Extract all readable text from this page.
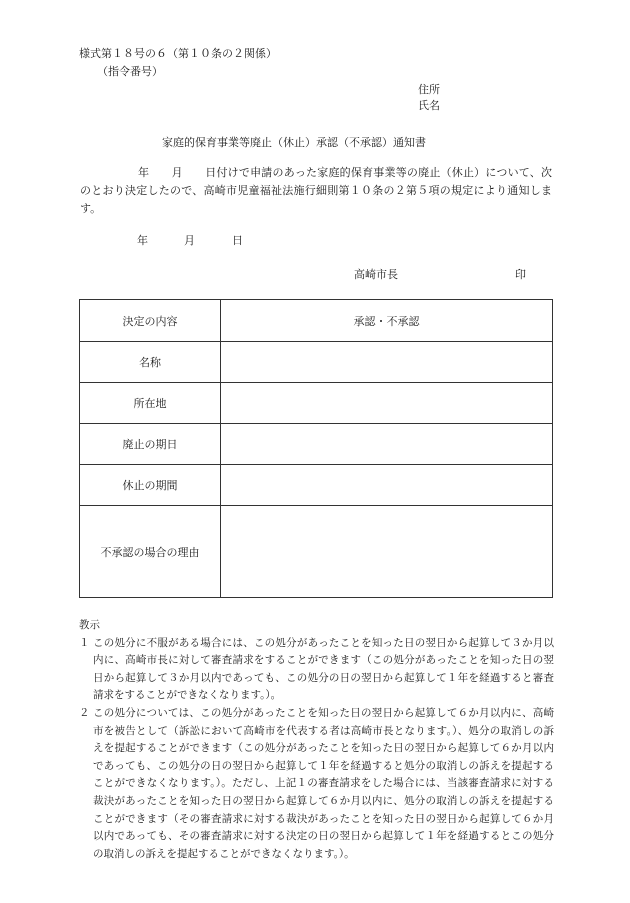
様式第１８号の６（第１０条の２関係）
（指令番号）
住所
氏名
家庭的保育事業等廃止（休止）承認（不承認）通知書
年　　月　　日付けで申請のあった家庭的保育事業等の廃止（休止）について、次のとおり決定したので、高崎市児童福祉法施行細則第１０条の２第５項の規定により通知します。
年	月	日
高崎市長	印
決定の内容	承認・不承認
名称	
所在地	
廃止の期日	
休止の期間	
不承認の場合の理由	
教示
１ この処分に不服がある場合には、この処分があったことを知った日の翌日から起算して３か月以内に、高崎市長に対して審査請求をすることができます（この処分があったことを知った日の翌日から起算して３か月以内であっても、この処分の日の翌日から起算して１年を経過すると審査請求をすることができなくなります。）。
２ この処分については、この処分があったことを知った日の翌日から起算して６か月以内に、高崎市を被告として（訴訟において高崎市を代表する者は高崎市長となります。）、処分の取消しの訴えを提起することができます（この処分があったことを知った日の翌日から起算して６か月以内であっても、この処分の日の翌日から起算して１年を経過すると処分の取消しの訴えを提起することができなくなります。）。ただし、上記１の審査請求をした場合には、当該審査請求に対する裁決があったことを知った日の翌日から起算して６か月以内に、処分の取消しの訴えを提起することができます（その審査請求に対する裁決があったことを知った日の翌日から起算して６か月以内であっても、その審査請求に対する決定の日の翌日から起算して１年を経過するとこの処分の取消しの訴えを提起することができなくなります。）。
